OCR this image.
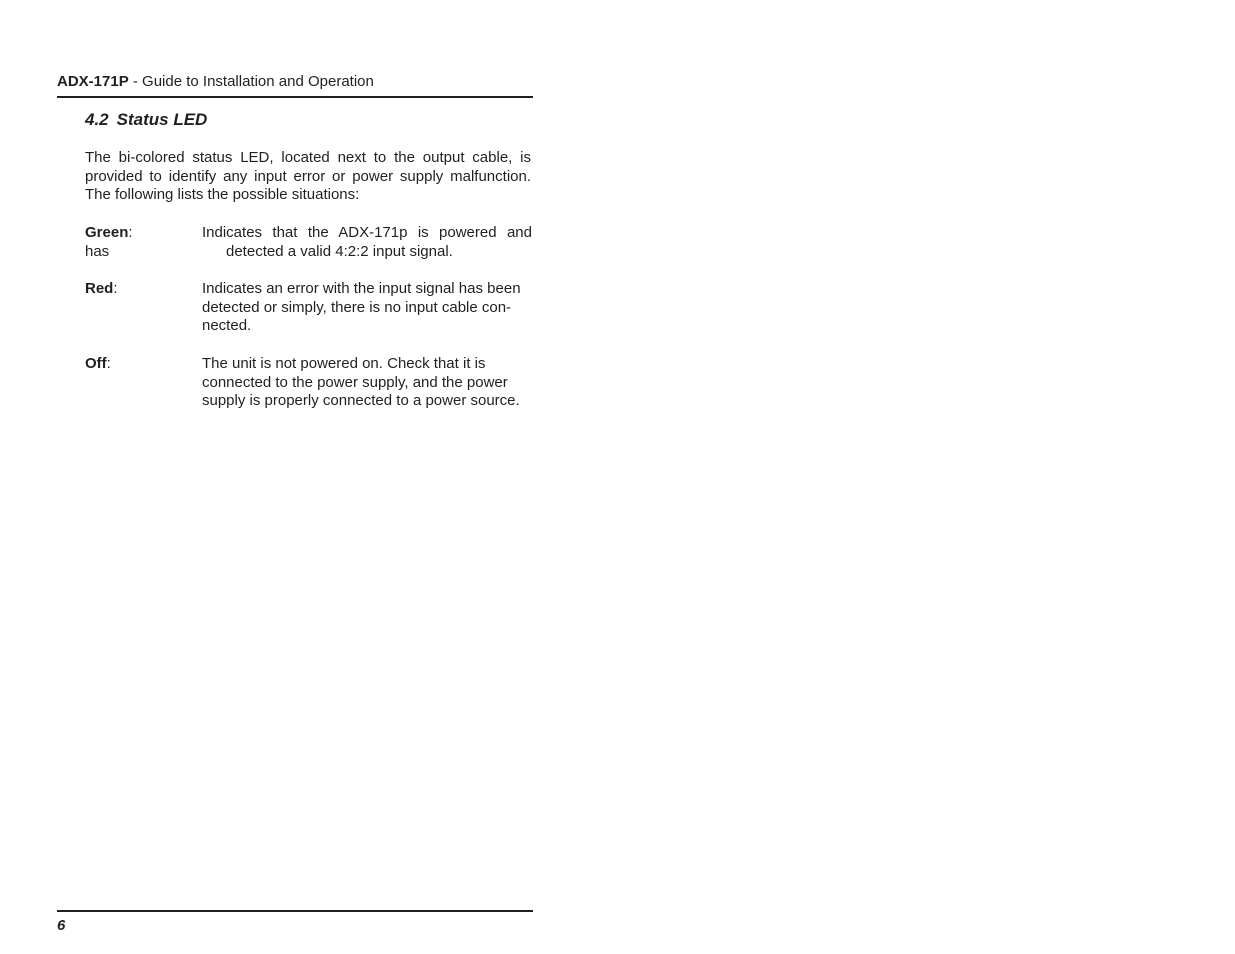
ADX-171P - Guide to Installation and Operation
4.2 Status LED

The bi-colored status LED, located next to the output cable, is
provided to identify any input error or power supply malfunction.
The following lists the possible situations:

Green:
has
Indicates that the ADX-171p is powered and
detected a valid 4:2:2 input signal.
Red:	Indicates an error with the input signal has been
detected or simply, there is no input cable con-
nected.
Off:	The unit is not powered on. Check that it is
connected to the power supply, and the power
supply is properly connected to a power source.
6
